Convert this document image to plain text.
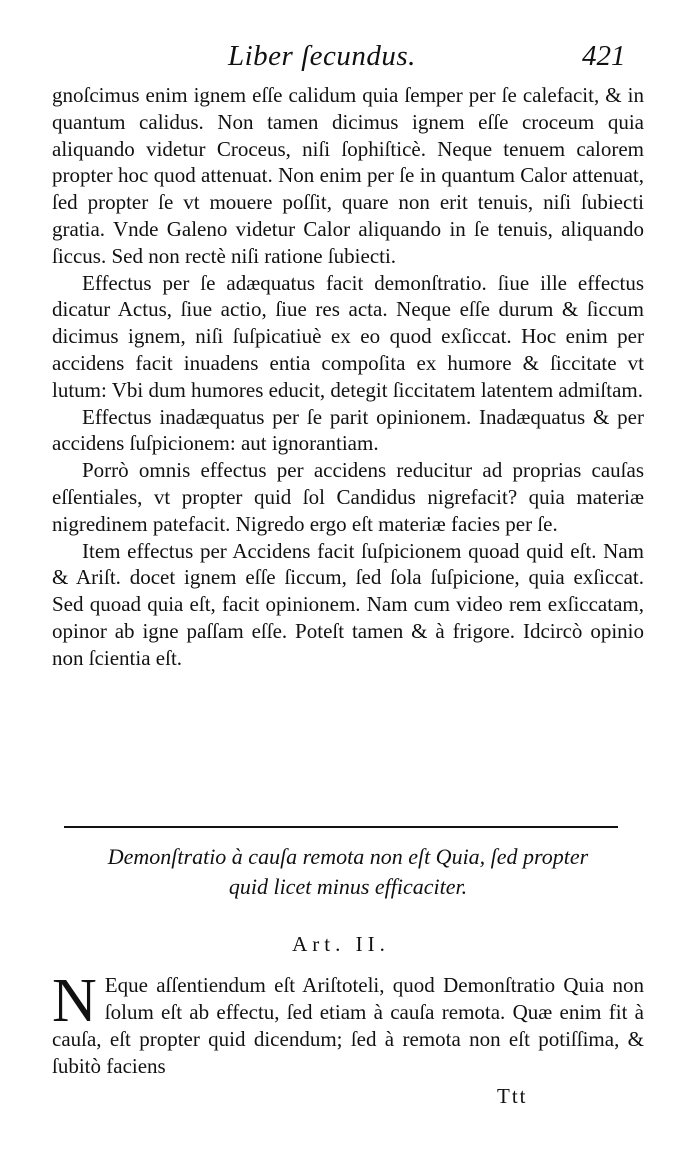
Liber ſecundus.	421

gnoſcimus enim ignem eſſe calidum quia ſemper per ſe calefacit, & in quantum calidus. Non tamen dicimus ignem eſſe croceum quia aliquando videtur Croceus, niſi ſophiſticè. Neque tenuem calorem propter hoc quod attenuat. Non enim per ſe in quantum Calor attenuat, ſed propter ſe vt mouere poſſit, quare non erit tenuis, niſi ſubiecti gratia. Vnde Galeno videtur Calor aliquando in ſe tenuis, aliquando ſiccus. Sed non rectè niſi ratione ſubiecti.

Effectus per ſe adæquatus facit demonſtratio. ſiue ille effectus dicatur Actus, ſiue actio, ſiue res acta. Neque eſſe durum & ſiccum dicimus ignem, niſi ſuſpicatiuè ex eo quod exſiccat. Hoc enim per accidens facit inuadens entia compoſita ex humore & ſiccitate vt lutum: Vbi dum humores educit, detegit ſiccitatem latentem admiſtam.

Effectus inadæquatus per ſe parit opinionem. Inadæquatus & per accidens ſuſpicionem: aut ignorantiam.

Porrò omnis effectus per accidens reducitur ad proprias cauſas eſſentiales, vt propter quid ſol Candidus nigrefacit? quia materiæ nigredinem patefacit. Nigredo ergo eſt materiæ facies per ſe.

Item effectus per Accidens facit ſuſpicionem quoad quid eſt. Nam & Ariſt. docet ignem eſſe ſiccum, ſed ſola ſuſpicione, quia exſiccat. Sed quoad quia eſt, facit opinionem. Nam cum video rem exſiccatam, opinor ab igne paſſam eſſe. Poteſt tamen & à frigore. Idcircò opinio non ſcientia eſt.

Demonſtratio à cauſa remota non eſt Quia, ſed propter
quid licet minus efficaciter.
Art. II.
N Eque aſſentiendum eſt Ariſtoteli, quod Demonſtratio Quia non ſolum eſt ab effectu, ſed etiam à cauſa remota. Quæ enim fit à cauſa, eſt propter quid dicendum; ſed à remota non eſt potiſſima, & ſubitò faciens
Ttt
